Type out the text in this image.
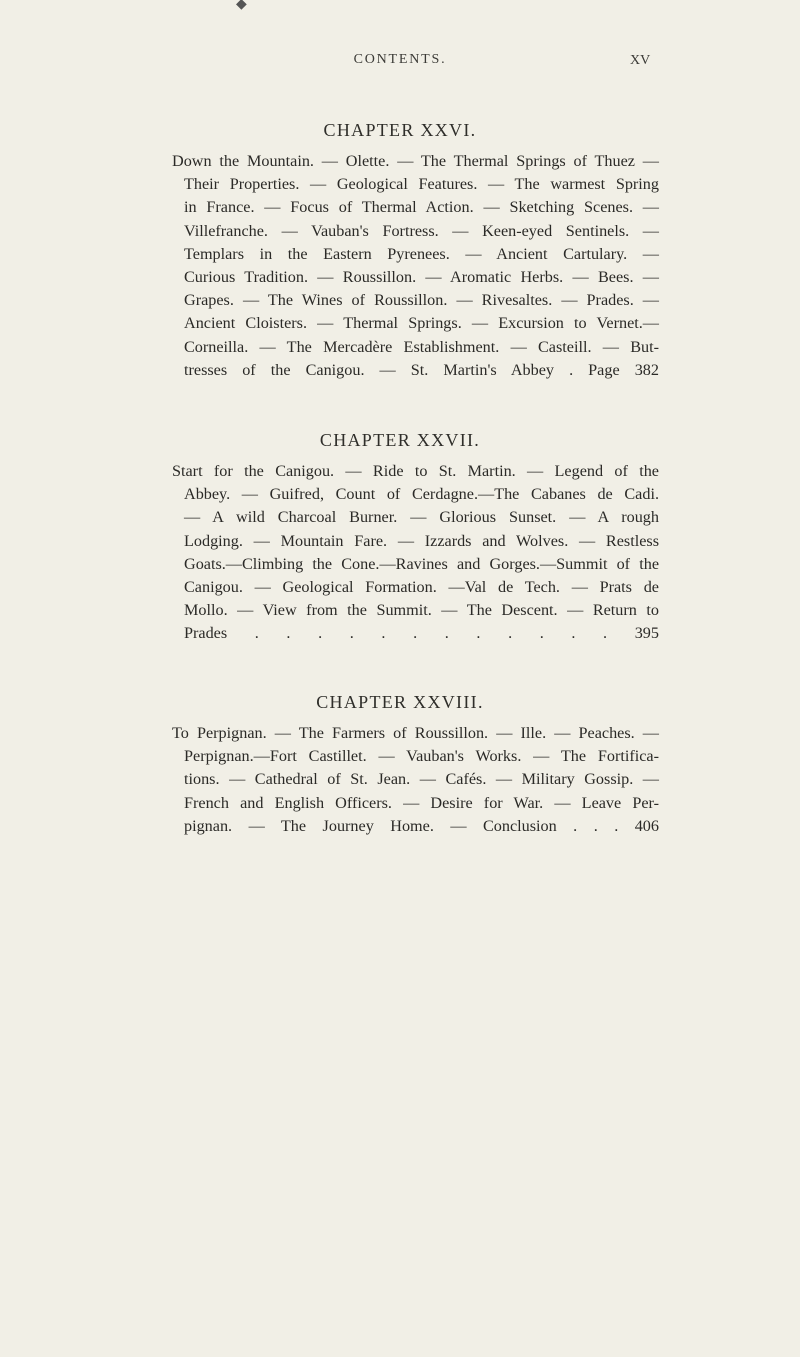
◆
CONTENTS.	XV
CHAPTER XXVI.
Down the Mountain. — Olette. — The Thermal Springs of Thuez —
Their Properties. — Geological Features. — The warmest Spring
in France. — Focus of Thermal Action. — Sketching Scenes. —
Villefranche. — Vauban's Fortress. — Keen-eyed Sentinels. —
Templars in the Eastern Pyrenees. — Ancient Cartulary. —
Curious Tradition. — Roussillon. — Aromatic Herbs. — Bees. —
Grapes. — The Wines of Roussillon. — Rivesaltes. — Prades. —
Ancient Cloisters. — Thermal Springs. — Excursion to Vernet.—
Corneilla. — The Mercadère Establishment. — Casteill. — But-
tresses of the Canigou. — St. Martin's Abbey . Page 382
CHAPTER XXVII.
Start for the Canigou. — Ride to St. Martin. — Legend of the
Abbey. — Guifred, Count of Cerdagne.—The Cabanes de Cadi.
— A wild Charcoal Burner. — Glorious Sunset. — A rough
Lodging. — Mountain Fare. — Izzards and Wolves. — Restless
Goats.—Climbing the Cone.—Ravines and Gorges.—Summit of the
Canigou. — Geological Formation. —Val de Tech. — Prats de
Mollo. — View from the Summit. — The Descent. — Return to
Prades . . . . . . . . . . . . 395
CHAPTER XXVIII.
To Perpignan. — The Farmers of Roussillon. — Ille. — Peaches. —
Perpignan.—Fort Castillet. — Vauban's Works. — The Fortifica-
tions. — Cathedral of St. Jean. — Cafés. — Military Gossip. —
French and English Officers. — Desire for War. — Leave Per-
pignan. — The Journey Home. — Conclusion . . . 406
